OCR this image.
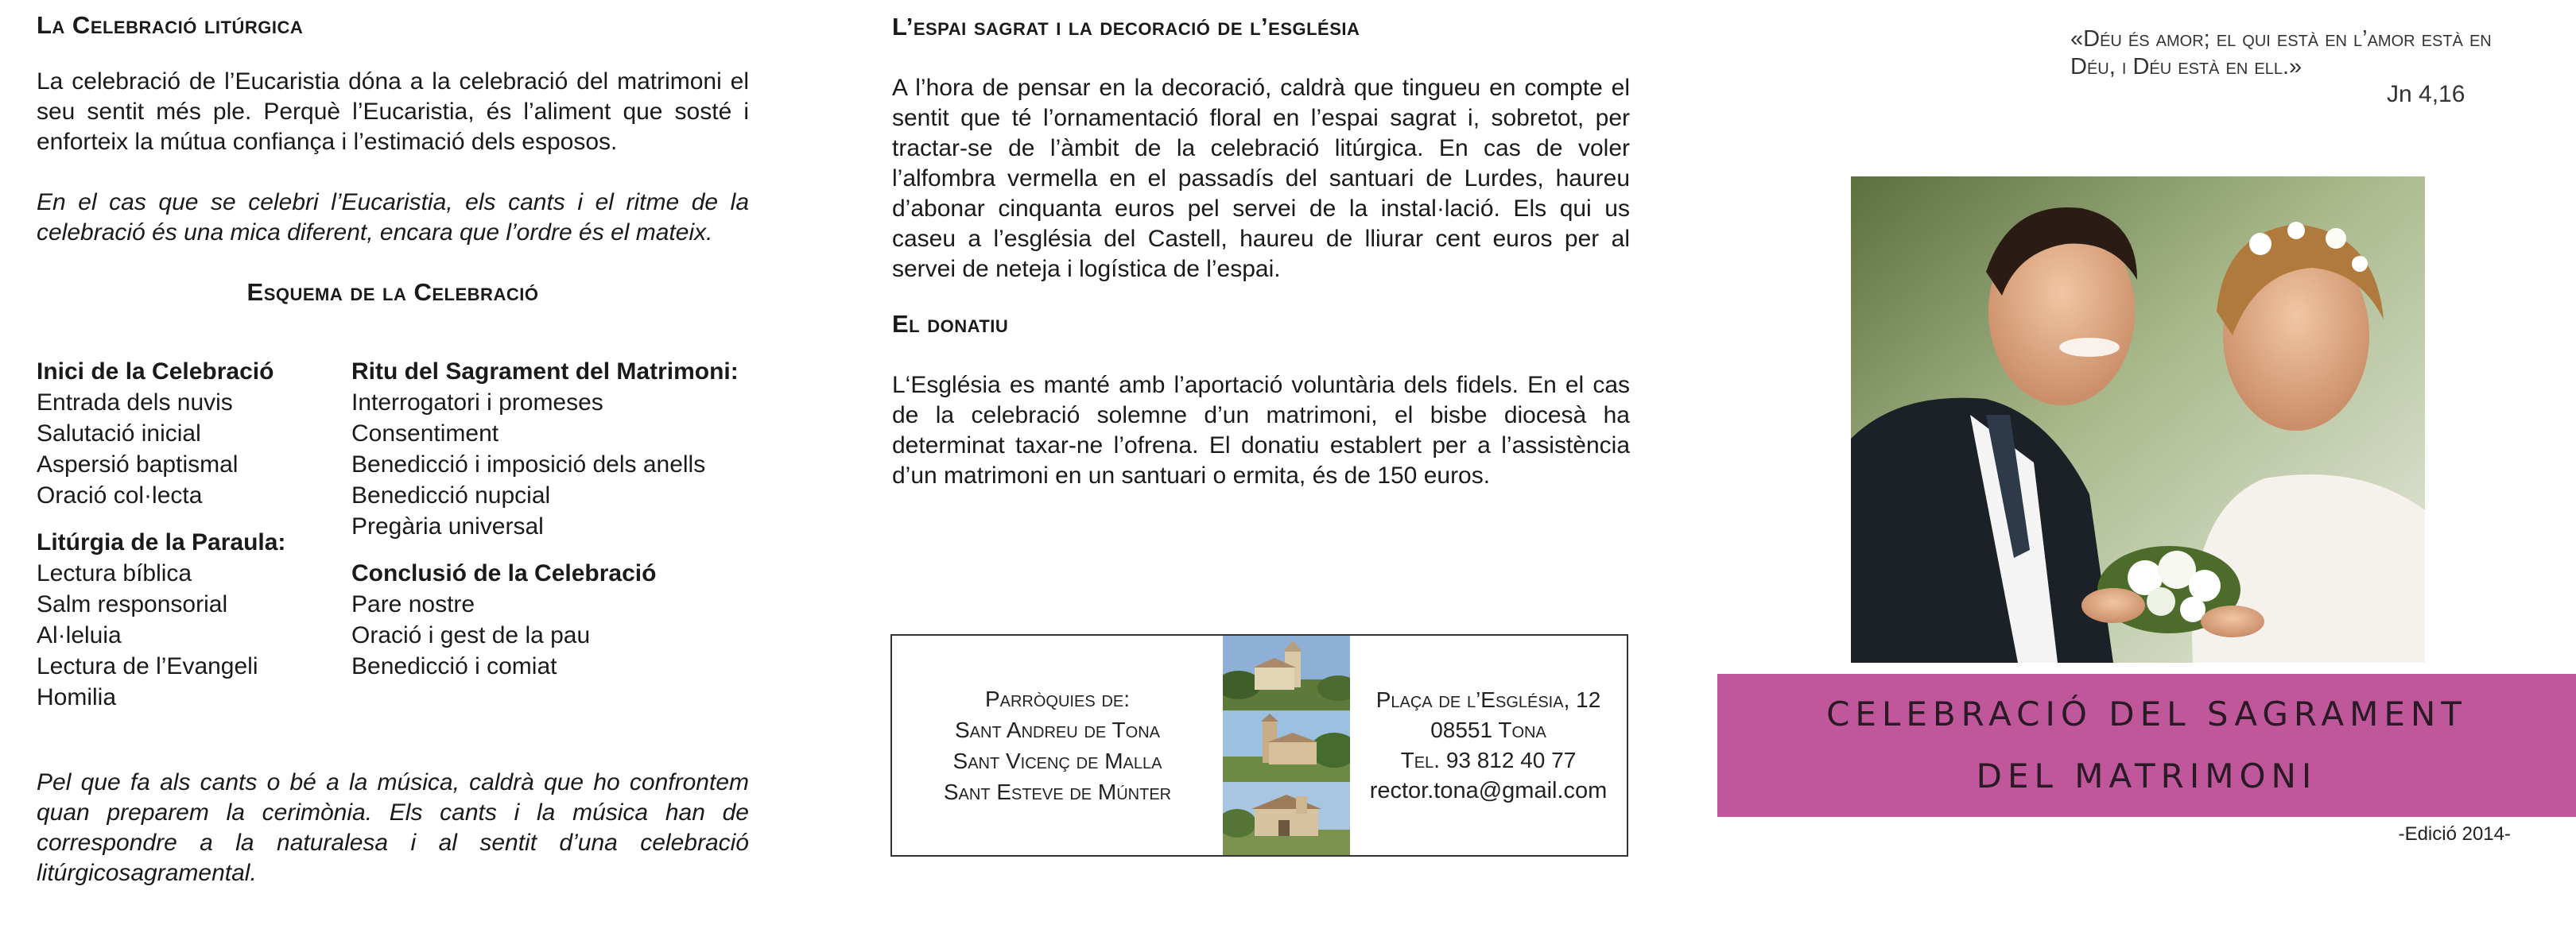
La Celebració litúrgica

La celebració de l’Eucaristia dóna a la celebració del matrimoni el seu sentit més ple. Perquè l’Eucaristia, és l’aliment que sosté i enforteix la mútua confiança i l’estimació dels esposos.

En el cas que se celebri l’Eucaristia, els cants i el ritme de la celebració és una mica diferent, encara que l’ordre és el mateix.

Esquema de la Celebració
Inici de la Celebració
Entrada dels nuvis
Salutació inicial
Aspersió baptismal
Oració col·lecta
Litúrgia de la Paraula:
Lectura bíblica
Salm responsorial
Al·leluia
Lectura de l’Evangeli
Homilia
Ritu del Sagrament del Matrimoni:
Interrogatori i promeses
Consentiment
Benedicció i imposició dels anells
Benedicció nupcial
Pregària universal
Conclusió de la Celebració
Pare nostre
Oració i gest de la pau
Benedicció i comiat

Pel que fa als cants o bé a la música, caldrà que ho confrontem quan preparem la cerimònia. Els cants i la música han de correspondre a la naturalesa i al sentit d’una celebració litúrgicosagramental.

L’espai sagrat i la decoració de l’església

A l’hora de pensar en la decoració, caldrà que tingueu en compte el sentit que té l’ornamentació floral en l’espai sagrat i, sobretot, per tractar-se de l’àmbit de la celebració litúrgica. En cas de voler l’alfombra vermella en el passadís del santuari de Lurdes, haureu d’abonar cinquanta euros pel servei de la instal·lació. Els qui us caseu a l’església del Castell, haureu de lliurar cent euros per al servei de neteja i logística de l’espai.

El donatiu

L‘Església es manté amb l’aportació voluntària dels fidels. En el cas de la celebració solemne d’un matrimoni, el bisbe diocesà ha determinat taxar-ne l’ofrena. El donatiu establert per a l’assistència d’un matrimoni en un santuari o ermita, és de 150 euros.

Parròquies de:
Sant Andreu de Tona
Sant Vicenç de Malla
Sant Esteve de Múnter
Plaça de l’Església, 12
08551 Tona
Tel. 93 812 40 77
rector.tona@gmail.com
«Déu és amor; el qui està en l’amor està en Déu, i Déu està en ell.»
Jn 4,16
CELEBRACIÓ DEL SAGRAMENT
DEL MATRIMONI
-Edició 2014-
